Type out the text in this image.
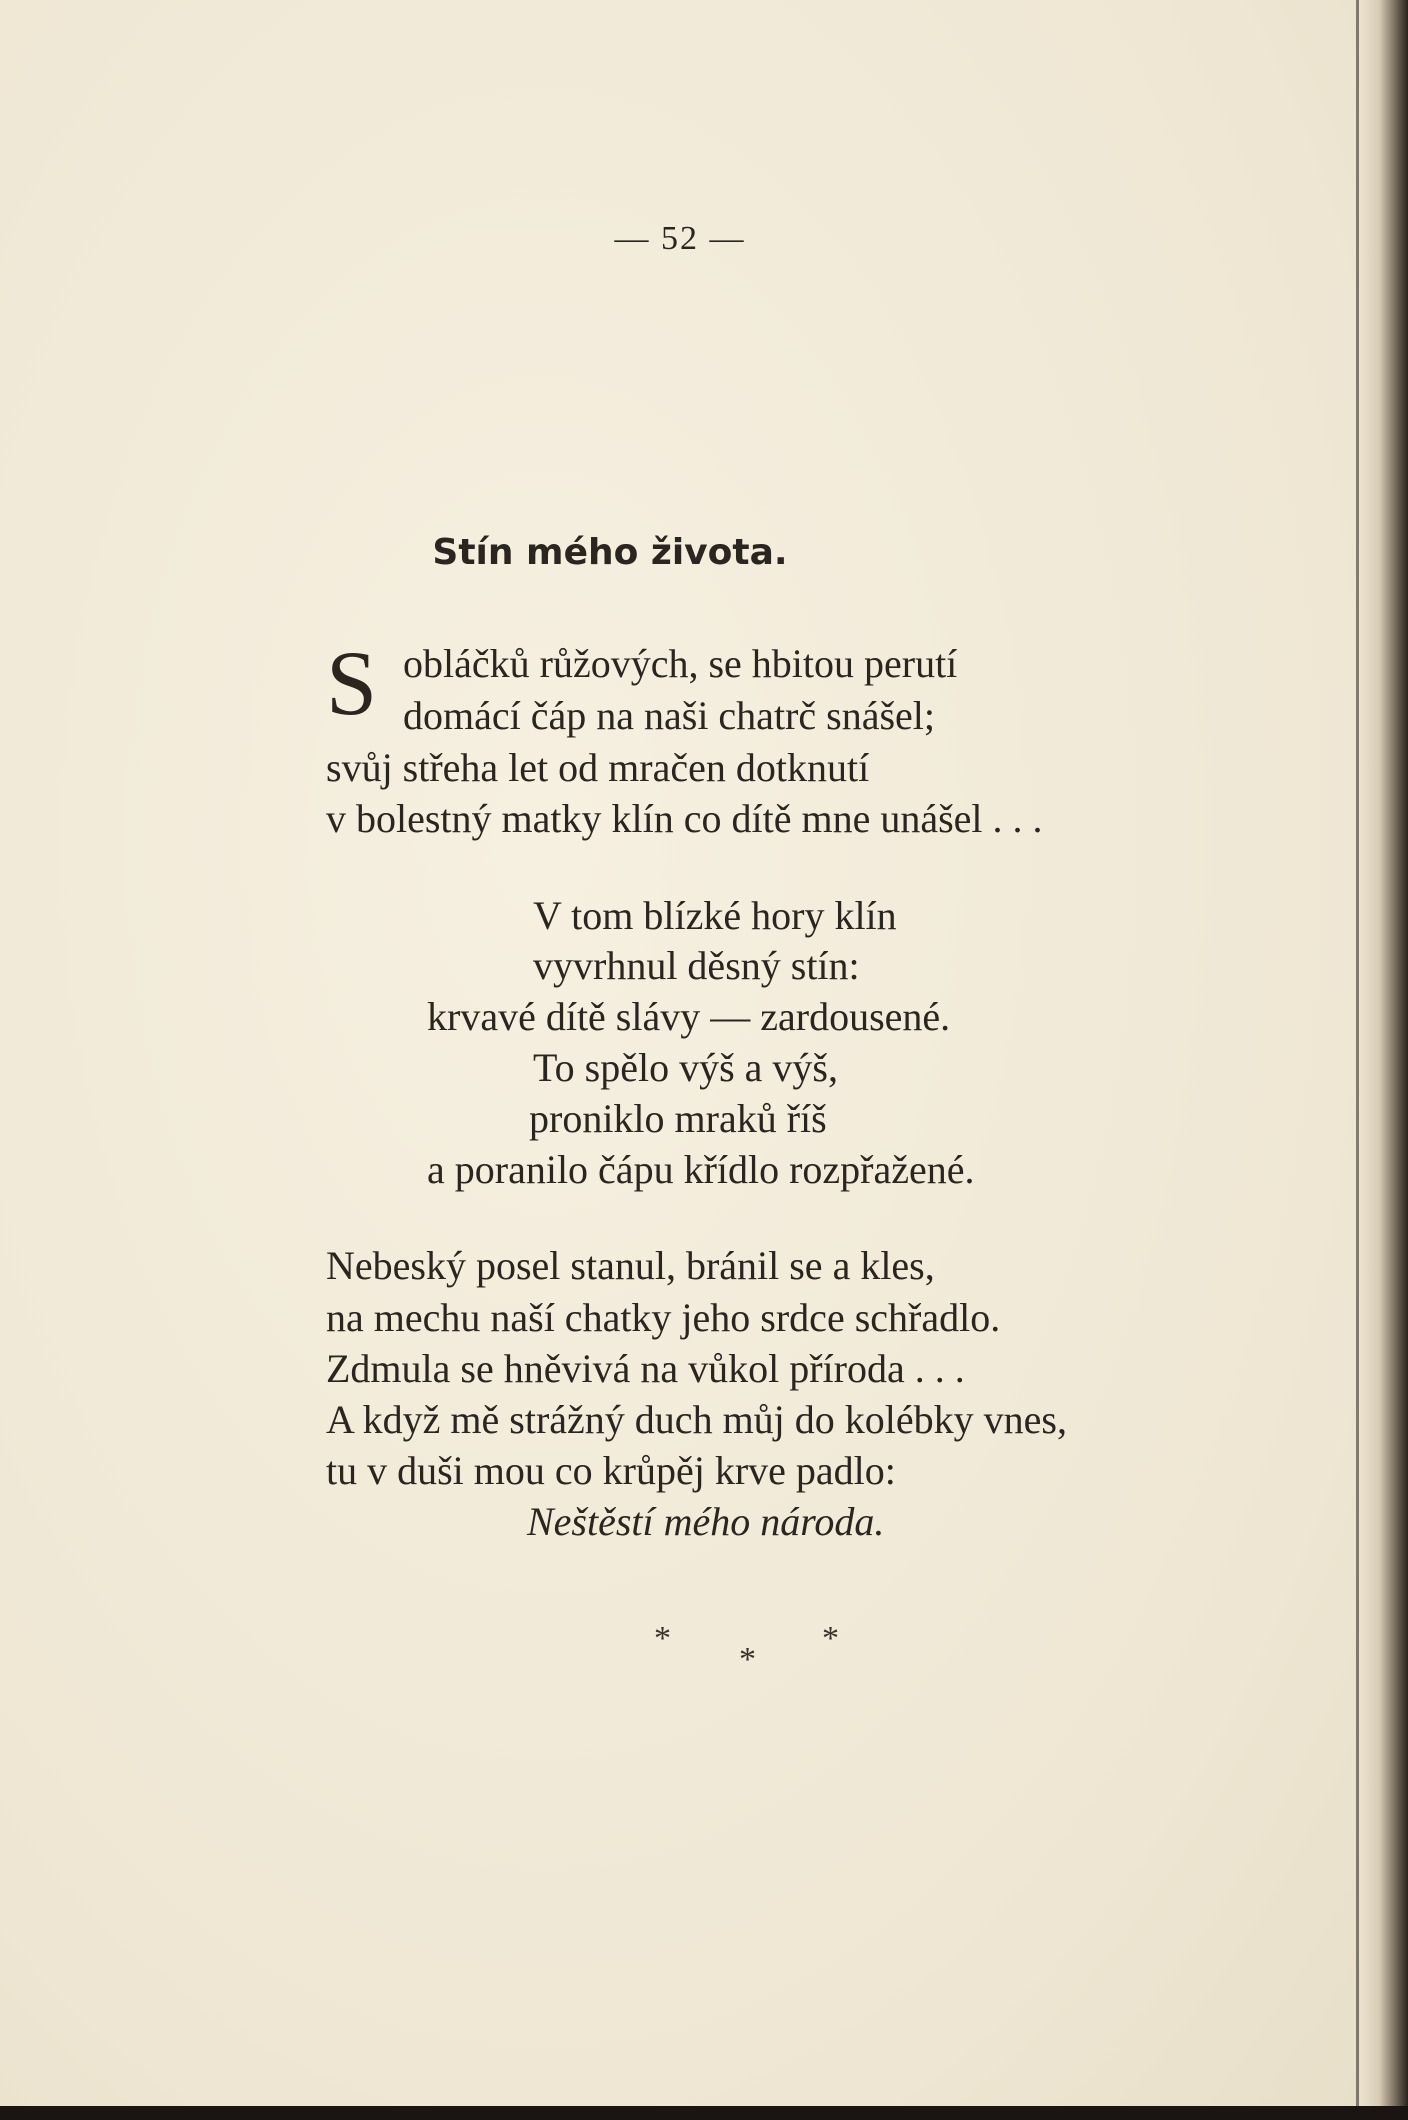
— 52 —
Stín mého života.
S obláčků růžových, se hbitou perutí
domácí čáp na naši chatrč snášel;
svůj střeha let od mračen dotknutí
v bolestný matky klín co dítě mne unášel . . .
V tom blízké hory klín
vyvrhnul děsný stín:
krvavé dítě slávy — zardousené.
To spělo výš a výš,
proniklo mraků říš
a poranilo čápu křídlo rozpřažené.
Nebeský posel stanul, bránil se a kles,
na mechu naší chatky jeho srdce schřadlo.
Zdmula se hněvivá na vůkol příroda . . .
A když mě strážný duch můj do kolébky vnes,
tu v duši mou co krůpěj krve padlo:
Neštěstí mého národa.
*
*
*
